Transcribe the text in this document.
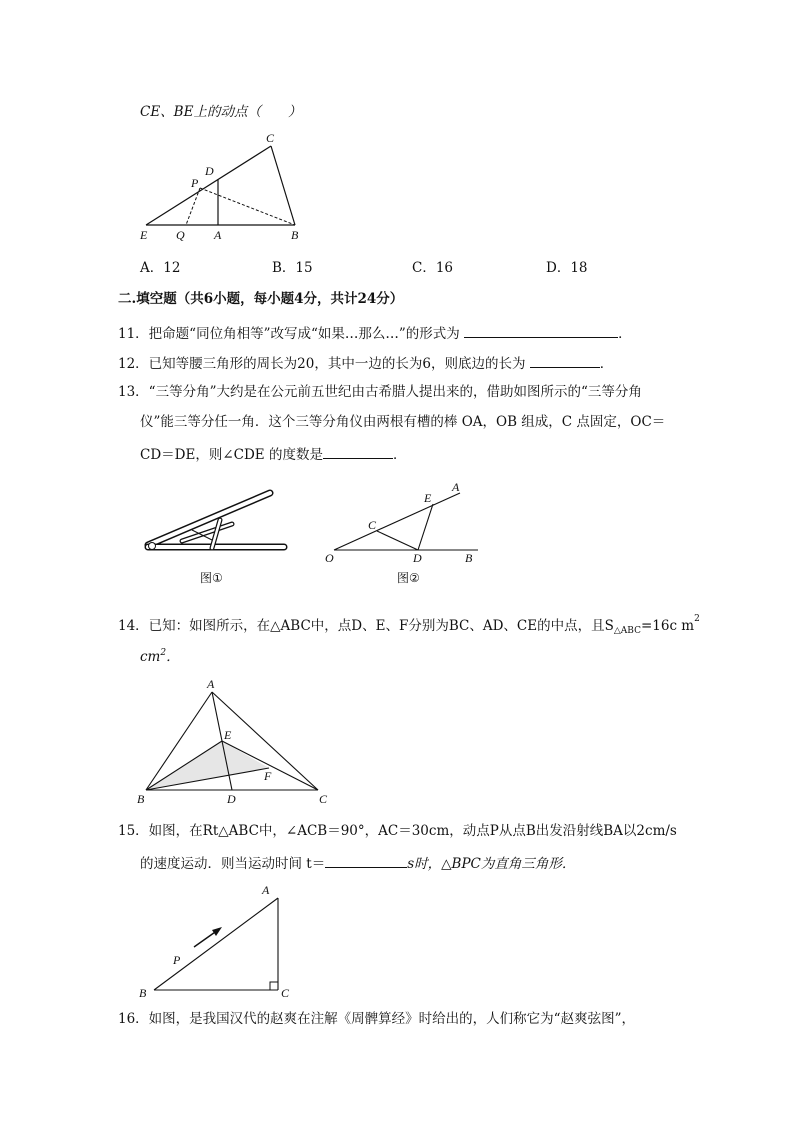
CE、BE上的动点（　　）
C
D
P
E Q A	B
A．12	B．15	C．16	D．18
二.填空题（共6小题，每小题4分，共计24分）
11．把命题“同位角相等”改写成“如果…那么…”的形式为	．
12．已知等腰三角形的周长为20，其中一边的长为6，则底边的长为	．
13．“三等分角”大约是在公元前五世纪由古希腊人提出来的，借助如图所示的“三等分角
仪”能三等分任一角．这个三等分角仪由两根有槽的棒 OA，OB 组成，C 点固定，OC＝
CD＝DE，则∠CDE 的度数是	．
图①
O
C
E
A
D	B
图②
14．已知：如图所示，在△ABC中，点D、E、F分别为BC、AD、CE的中点，且$S_{\triangle ABC}=16c$ $m^2$
$cm^2$．
A
E
F
B	D	C
15．如图，在Rt△ABC中，∠ACB＝90°，AC＝30cm，动点P从点B出发沿射线BA以2cm/s
的速度运动．则当运动时间 t＝	s时，△BPC为直角三角形．
A
P
B	C
16．如图，是我国汉代的赵爽在注解《周髀算经》时给出的，人们称它为“赵爽弦图”，
